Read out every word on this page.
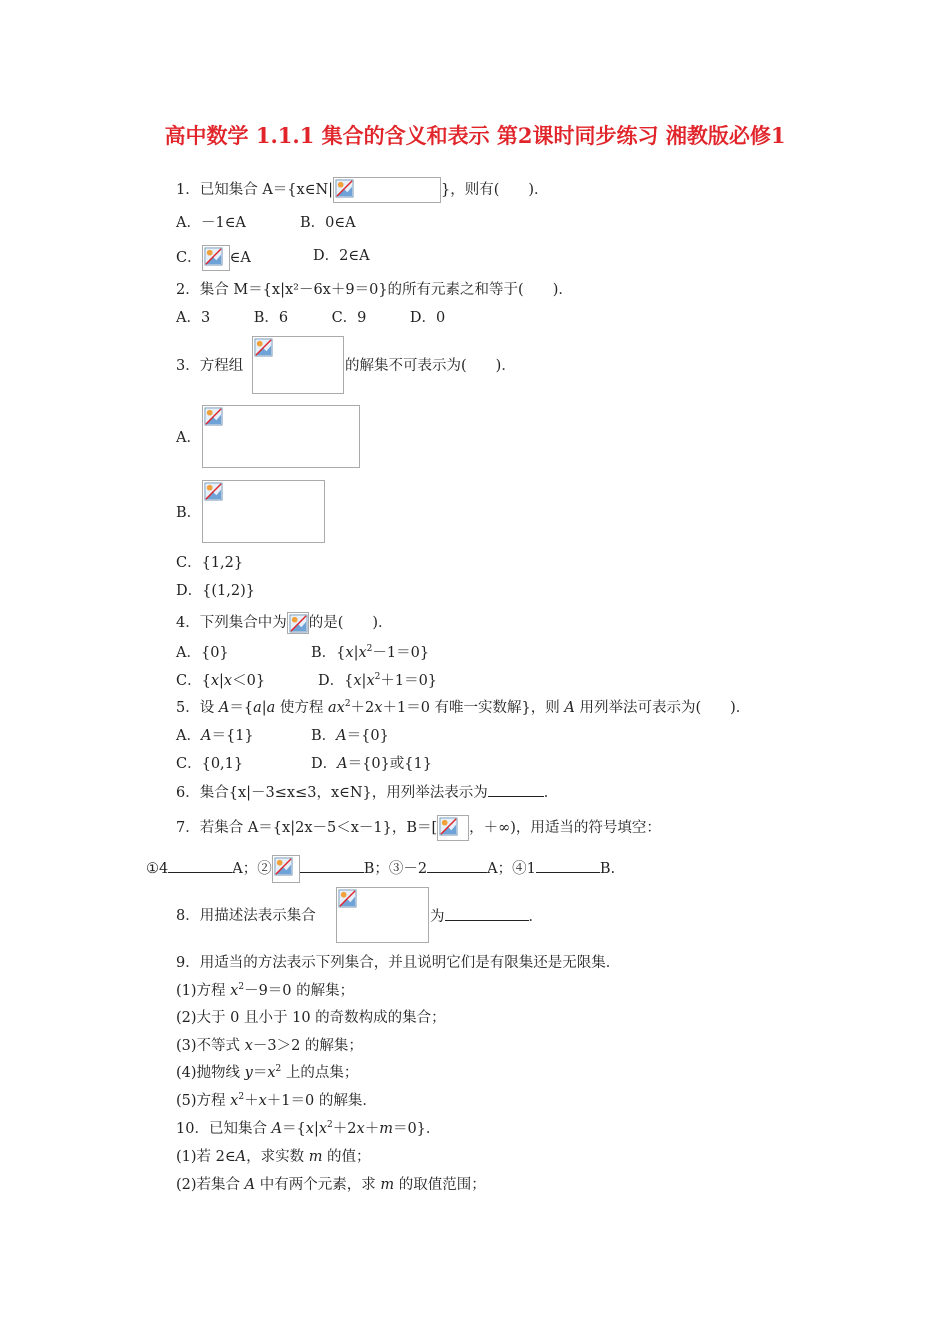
高中数学 1.1.1 集合的含义和表示 第2课时同步练习 湘教版必修1
1．已知集合 A＝{x∈N|	}，则有(　　)．
A．－1∈A	B．0∈A
C． ∈A	D．2∈A
2．集合 M＝{x|x²－6x＋9＝0}的所有元素之和等于(　　)．
A．3　　　B．6　　　C．9　　　D．0
3．方程组	的解集不可表示为(　　)．
A．
B．
C．{1,2}
D．{(1,2)}
4．下列集合中为 的是(　　)．
A．{0}	B．$\{x|x^2-1=0\}$
C．{x|x＜0}	D．$\{x|x^2+1=0\}$
5．设 A＝{a|a 使方程 $ax^2+2x+1=0$ 有唯一实数解}，则 A 用列举法可表示为(　　)．
A．A＝{1}	B．A＝{0}
C．{0,1}	D．A＝{0}或{1}
6．集合{x|－3≤x≤3，x∈N}，用列举法表示为	．
7．若集合 A＝{x|2x－5＜x－1}，B＝[ ，＋∞)，用适当的符号填空：
①4	A；②	B；③－2	A；④1	B.
8．用描述法表示集合	为	．
9．用适当的方法表示下列集合，并且说明它们是有限集还是无限集．
(1)方程 $x^2-9=0$ 的解集；
(2)大于 0 且小于 10 的奇数构成的集合；
(3)不等式 x－3＞2 的解集；
(4)抛物线 $y=x^2$ 上的点集；
(5)方程 $x^2+x+1=0$ 的解集．
10．已知集合 $A=\{x|x^2+2x+m=0\}$．
(1)若 2∈A，求实数 m 的值；
(2)若集合 A 中有两个元素，求 m 的取值范围；
